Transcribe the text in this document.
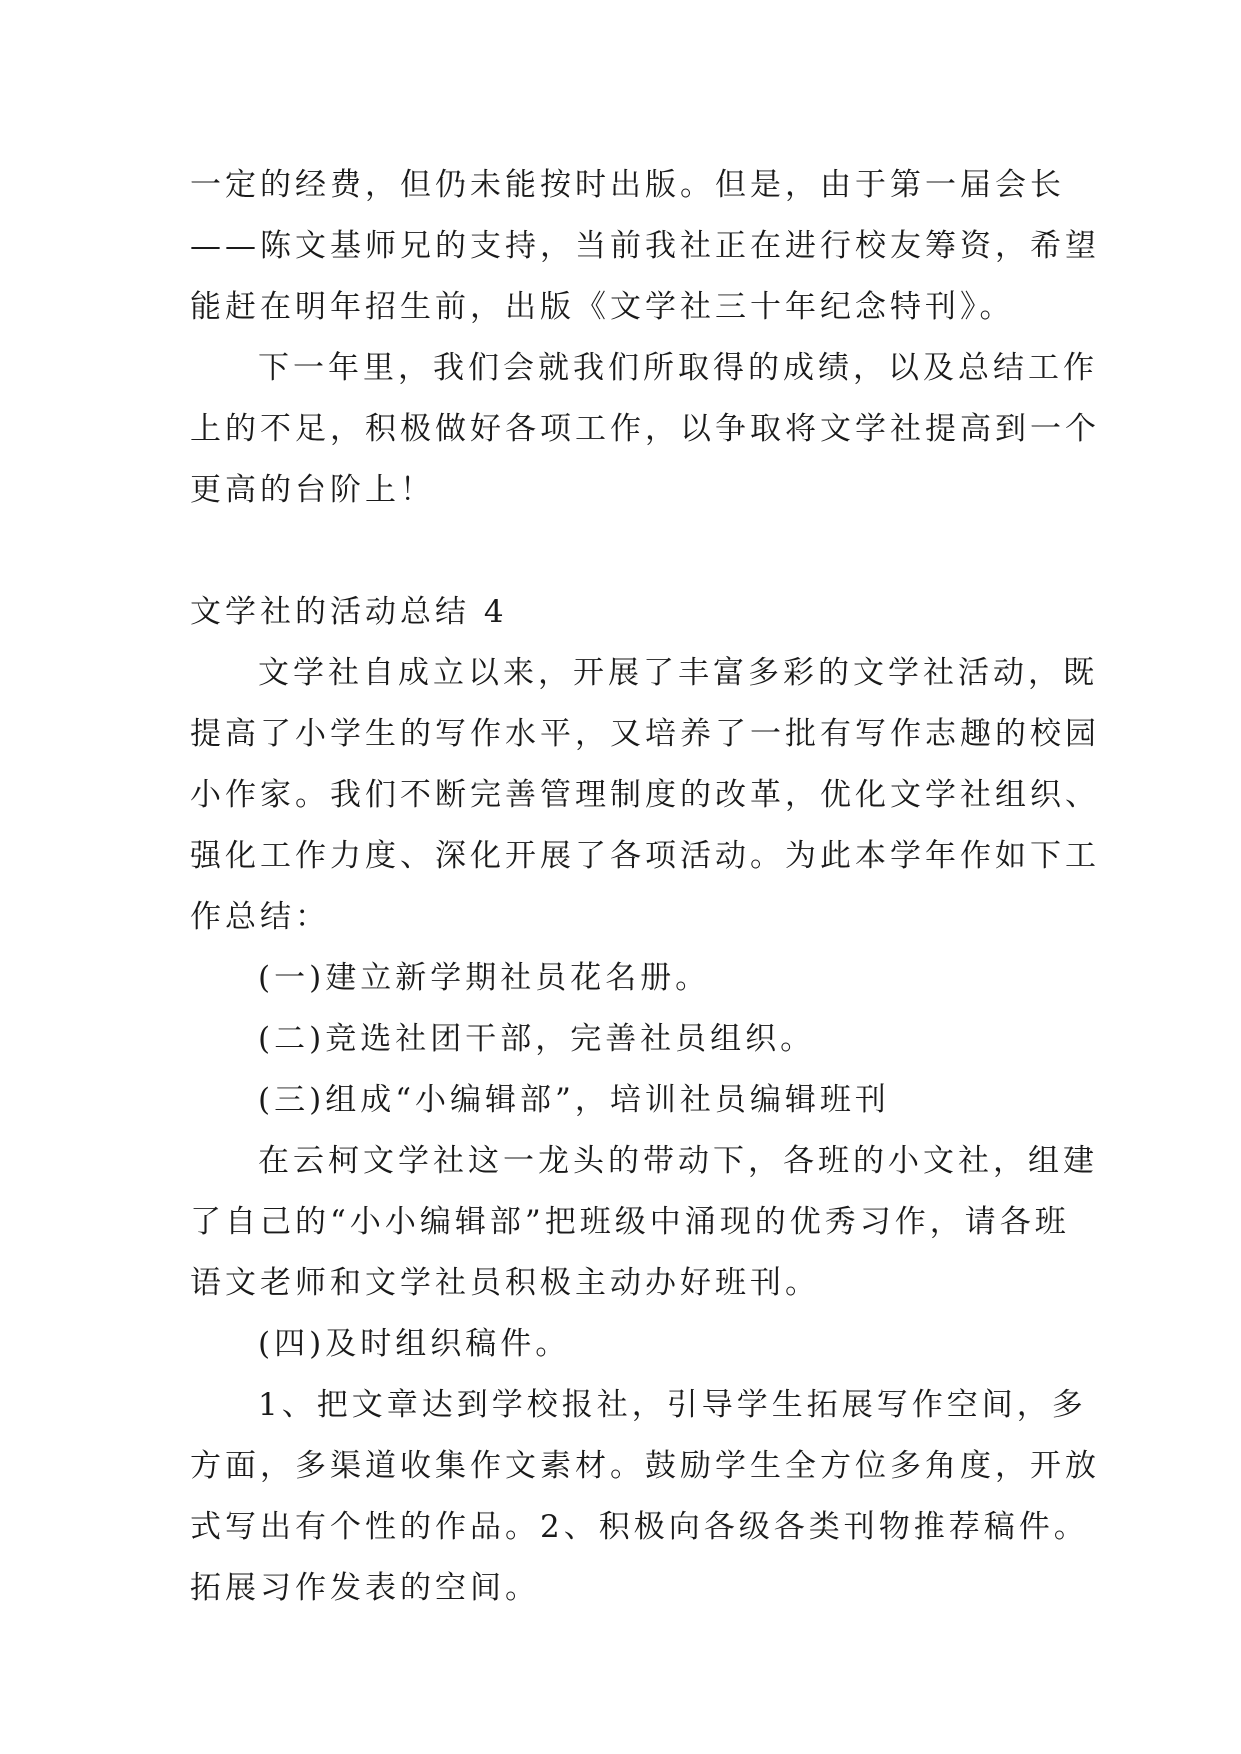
一定的经费，但仍未能按时出版。但是，由于第一届会长
——陈文基师兄的支持，当前我社正在进行校友筹资，希望
能赶在明年招生前，出版《文学社三十年纪念特刊》。
下一年里，我们会就我们所取得的成绩，以及总结工作
上的不足，积极做好各项工作，以争取将文学社提高到一个
更高的台阶上！
文学社的活动总结 4
文学社自成立以来，开展了丰富多彩的文学社活动，既
提高了小学生的写作水平，又培养了一批有写作志趣的校园
小作家。我们不断完善管理制度的改革，优化文学社组织、
强化工作力度、深化开展了各项活动。为此本学年作如下工
作总结：
(一)建立新学期社员花名册。
(二)竞选社团干部，完善社员组织。
(三)组成“小编辑部”，培训社员编辑班刊
在云柯文学社这一龙头的带动下，各班的小文社，组建
了自己的“小小编辑部”把班级中涌现的优秀习作，请各班
语文老师和文学社员积极主动办好班刊。
(四)及时组织稿件。
1、把文章达到学校报社，引导学生拓展写作空间，多
方面，多渠道收集作文素材。鼓励学生全方位多角度，开放
式写出有个性的作品。2、积极向各级各类刊物推荐稿件。
拓展习作发表的空间。
